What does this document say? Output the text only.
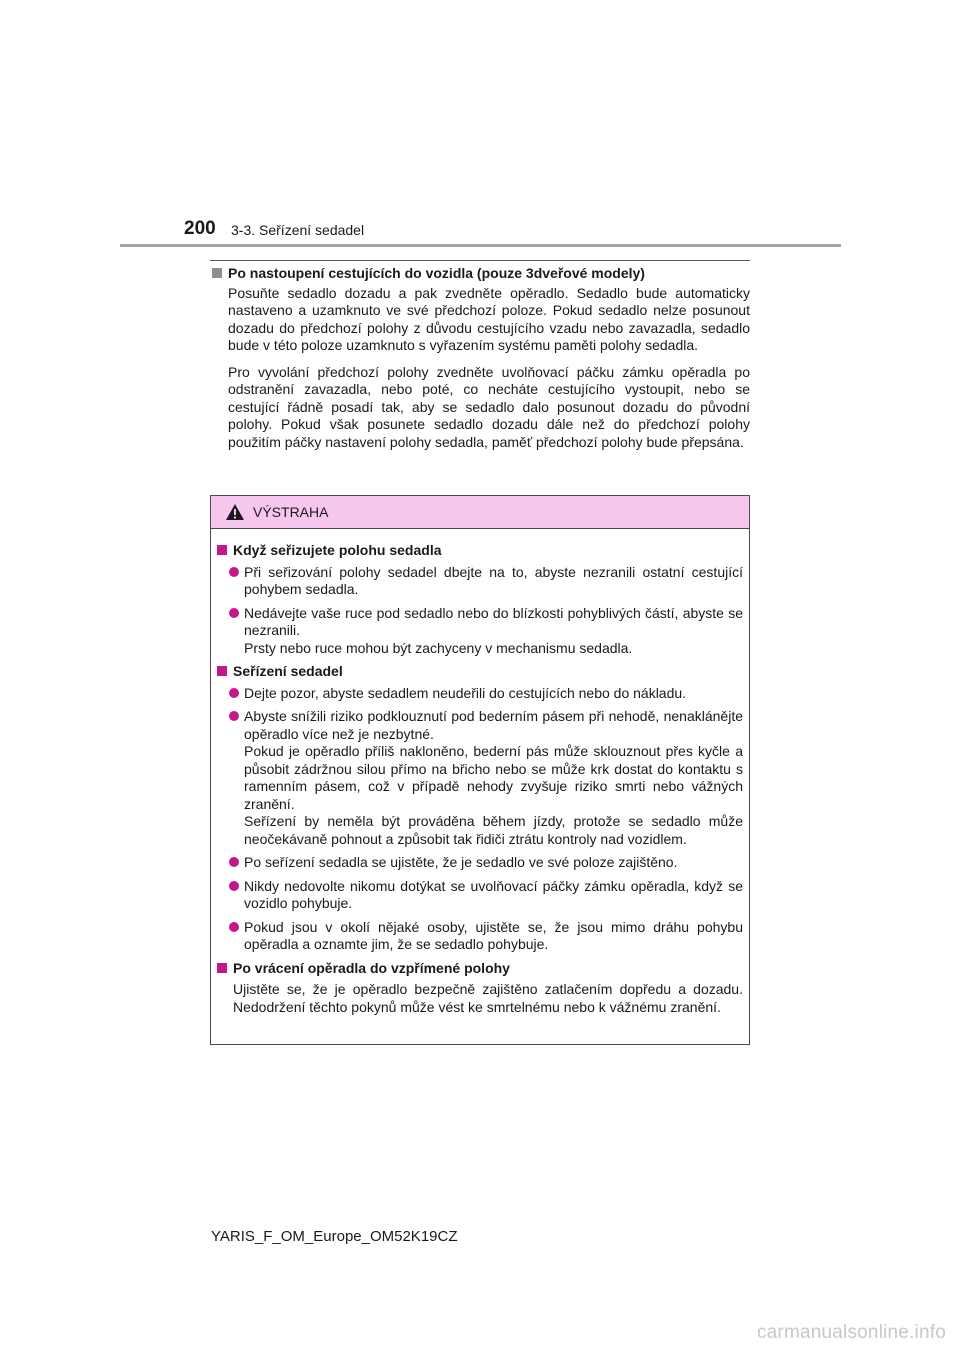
200 3-3. Seřízení sedadel
Po nastoupení cestujících do vozidla (pouze 3dveřové modely)

Posuňte sedadlo dozadu a pak zvedněte opěradlo. Sedadlo bude automaticky nastaveno a uzamknuto ve své předchozí poloze. Pokud sedadlo nelze posunout dozadu do předchozí polohy z důvodu cestujícího vzadu nebo zavazadla, sedadlo bude v této poloze uzamknuto s vyřazením systému paměti polohy sedadla.

Pro vyvolání předchozí polohy zvedněte uvolňovací páčku zámku opěradla po odstranění zavazadla, nebo poté, co necháte cestujícího vystoupit, nebo se cestující řádně posadí tak, aby se sedadlo dalo posunout dozadu do původní polohy. Pokud však posunete sedadlo dozadu dále než do předchozí polohy použitím páčky nastavení polohy sedadla, paměť předchozí polohy bude přepsána.

VÝSTRAHA
Když seřizujete polohu sedadla
Při seřizování polohy sedadel dbejte na to, abyste nezranili ostatní cestující pohybem sedadla.
Nedávejte vaše ruce pod sedadlo nebo do blízkosti pohyblivých částí, abyste se nezranili.
Prsty nebo ruce mohou být zachyceny v mechanismu sedadla.
Seřízení sedadel
Dejte pozor, abyste sedadlem neudeřili do cestujících nebo do nákladu.
Abyste snížili riziko podklouznutí pod bederním pásem při nehodě, nenaklánějte opěradlo více než je nezbytné.
Pokud je opěradlo příliš nakloněno, bederní pás může sklouznout přes kyčle a působit zádržnou silou přímo na břicho nebo se může krk dostat do kontaktu s ramenním pásem, což v případě nehody zvyšuje riziko smrti nebo vážných zranění.
Seřízení by neměla být prováděna během jízdy, protože se sedadlo může neočekávaně pohnout a způsobit tak řidiči ztrátu kontroly nad vozidlem.
Po seřízení sedadla se ujistěte, že je sedadlo ve své poloze zajištěno.
Nikdy nedovolte nikomu dotýkat se uvolňovací páčky zámku opěradla, když se vozidlo pohybuje.
Pokud jsou v okolí nějaké osoby, ujistěte se, že jsou mimo dráhu pohybu opěradla a oznamte jim, že se sedadlo pohybuje.
Po vrácení opěradla do vzpřímené polohy

Ujistěte se, že je opěradlo bezpečně zajištěno zatlačením dopředu a dozadu. Nedodržení těchto pokynů může vést ke smrtelnému nebo k vážnému zranění.

YARIS_F_OM_Europe_OM52K19CZ
carmanualsonline.info
